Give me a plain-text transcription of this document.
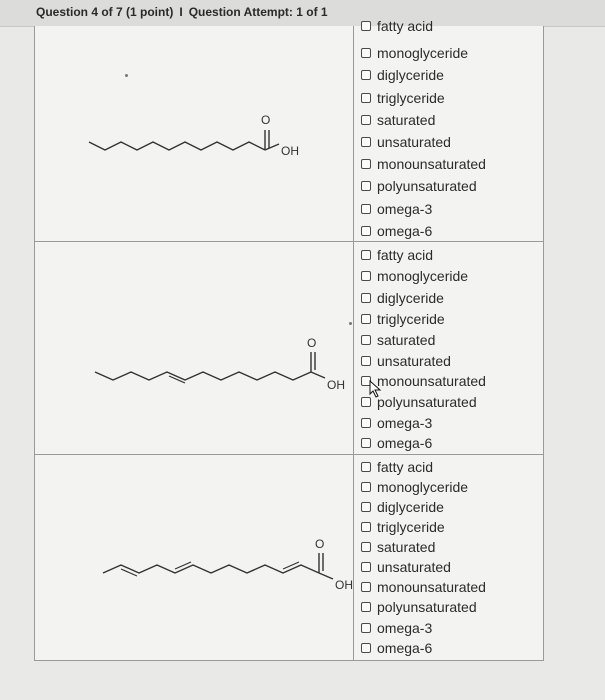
Question 4 of 7 (1 point) I Question Attempt: 1 of 1
O
OH
fatty acid
monoglyceride
diglyceride
triglyceride
saturated
unsaturated
monounsaturated
polyunsaturated
omega-3
omega-6
O
OH
fatty acid
monoglyceride
diglyceride
triglyceride
saturated
unsaturated
monounsaturated
polyunsaturated
omega-3
omega-6
O
OH
fatty acid
monoglyceride
diglyceride
triglyceride
saturated
unsaturated
monounsaturated
polyunsaturated
omega-3
omega-6
